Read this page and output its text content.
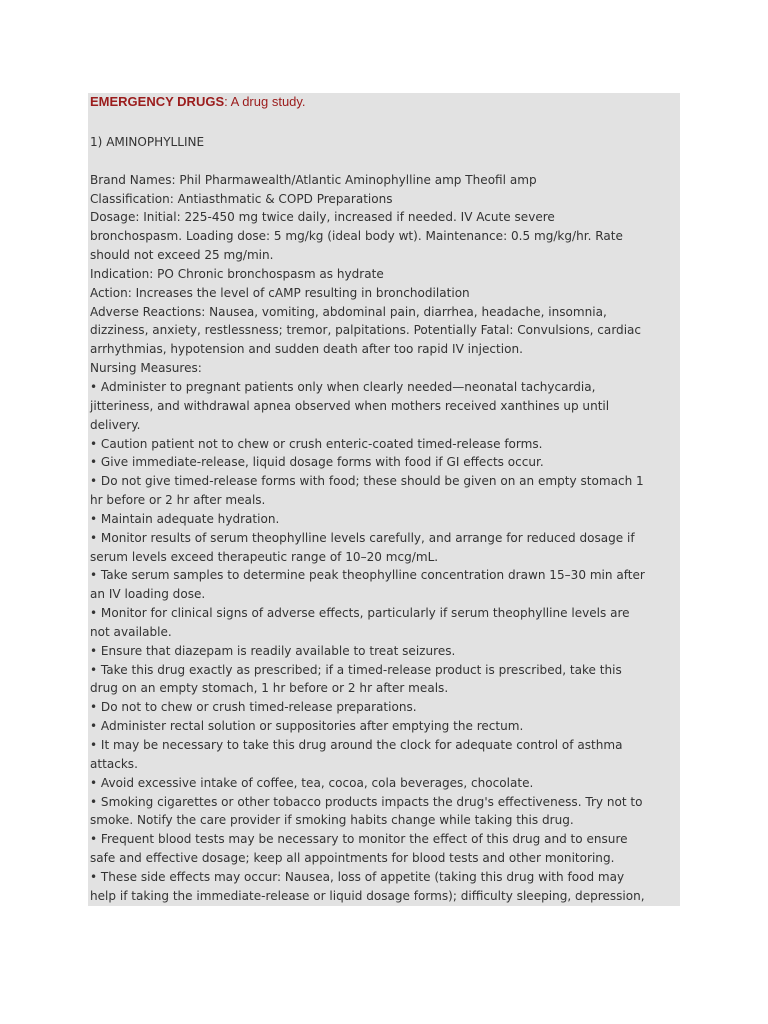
EMERGENCY DRUGS: A drug study.
1) AMINOPHYLLINE
Brand Names: Phil Pharmawealth/Atlantic Aminophylline amp Theofil amp
Classification: Antiasthmatic & COPD Preparations
Dosage: Initial: 225-450 mg twice daily, increased if needed. IV Acute severe
bronchospasm. Loading dose: 5 mg/kg (ideal body wt). Maintenance: 0.5 mg/kg/hr. Rate
should not exceed 25 mg/min.
Indication: PO Chronic bronchospasm as hydrate
Action: Increases the level of cAMP resulting in bronchodilation
Adverse Reactions: Nausea, vomiting, abdominal pain, diarrhea, headache, insomnia,
dizziness, anxiety, restlessness; tremor, palpitations. Potentially Fatal: Convulsions, cardiac
arrhythmias, hypotension and sudden death after too rapid IV injection.
Nursing Measures:
• Administer to pregnant patients only when clearly needed—neonatal tachycardia,
jitteriness, and withdrawal apnea observed when mothers received xanthines up until
delivery.
• Caution patient not to chew or crush enteric-coated timed-release forms.
• Give immediate-release, liquid dosage forms with food if GI effects occur.
• Do not give timed-release forms with food; these should be given on an empty stomach 1
hr before or 2 hr after meals.
• Maintain adequate hydration.
• Monitor results of serum theophylline levels carefully, and arrange for reduced dosage if
serum levels exceed therapeutic range of 10–20 mcg/mL.
• Take serum samples to determine peak theophylline concentration drawn 15–30 min after
an IV loading dose.
• Monitor for clinical signs of adverse effects, particularly if serum theophylline levels are
not available.
• Ensure that diazepam is readily available to treat seizures.
• Take this drug exactly as prescribed; if a timed-release product is prescribed, take this
drug on an empty stomach, 1 hr before or 2 hr after meals.
• Do not to chew or crush timed-release preparations.
• Administer rectal solution or suppositories after emptying the rectum.
• It may be necessary to take this drug around the clock for adequate control of asthma
attacks.
• Avoid excessive intake of coffee, tea, cocoa, cola beverages, chocolate.
• Smoking cigarettes or other tobacco products impacts the drug's effectiveness. Try not to
smoke. Notify the care provider if smoking habits change while taking this drug.
• Frequent blood tests may be necessary to monitor the effect of this drug and to ensure
safe and effective dosage; keep all appointments for blood tests and other monitoring.
• These side effects may occur: Nausea, loss of appetite (taking this drug with food may
help if taking the immediate-release or liquid dosage forms); difficulty sleeping, depression,
